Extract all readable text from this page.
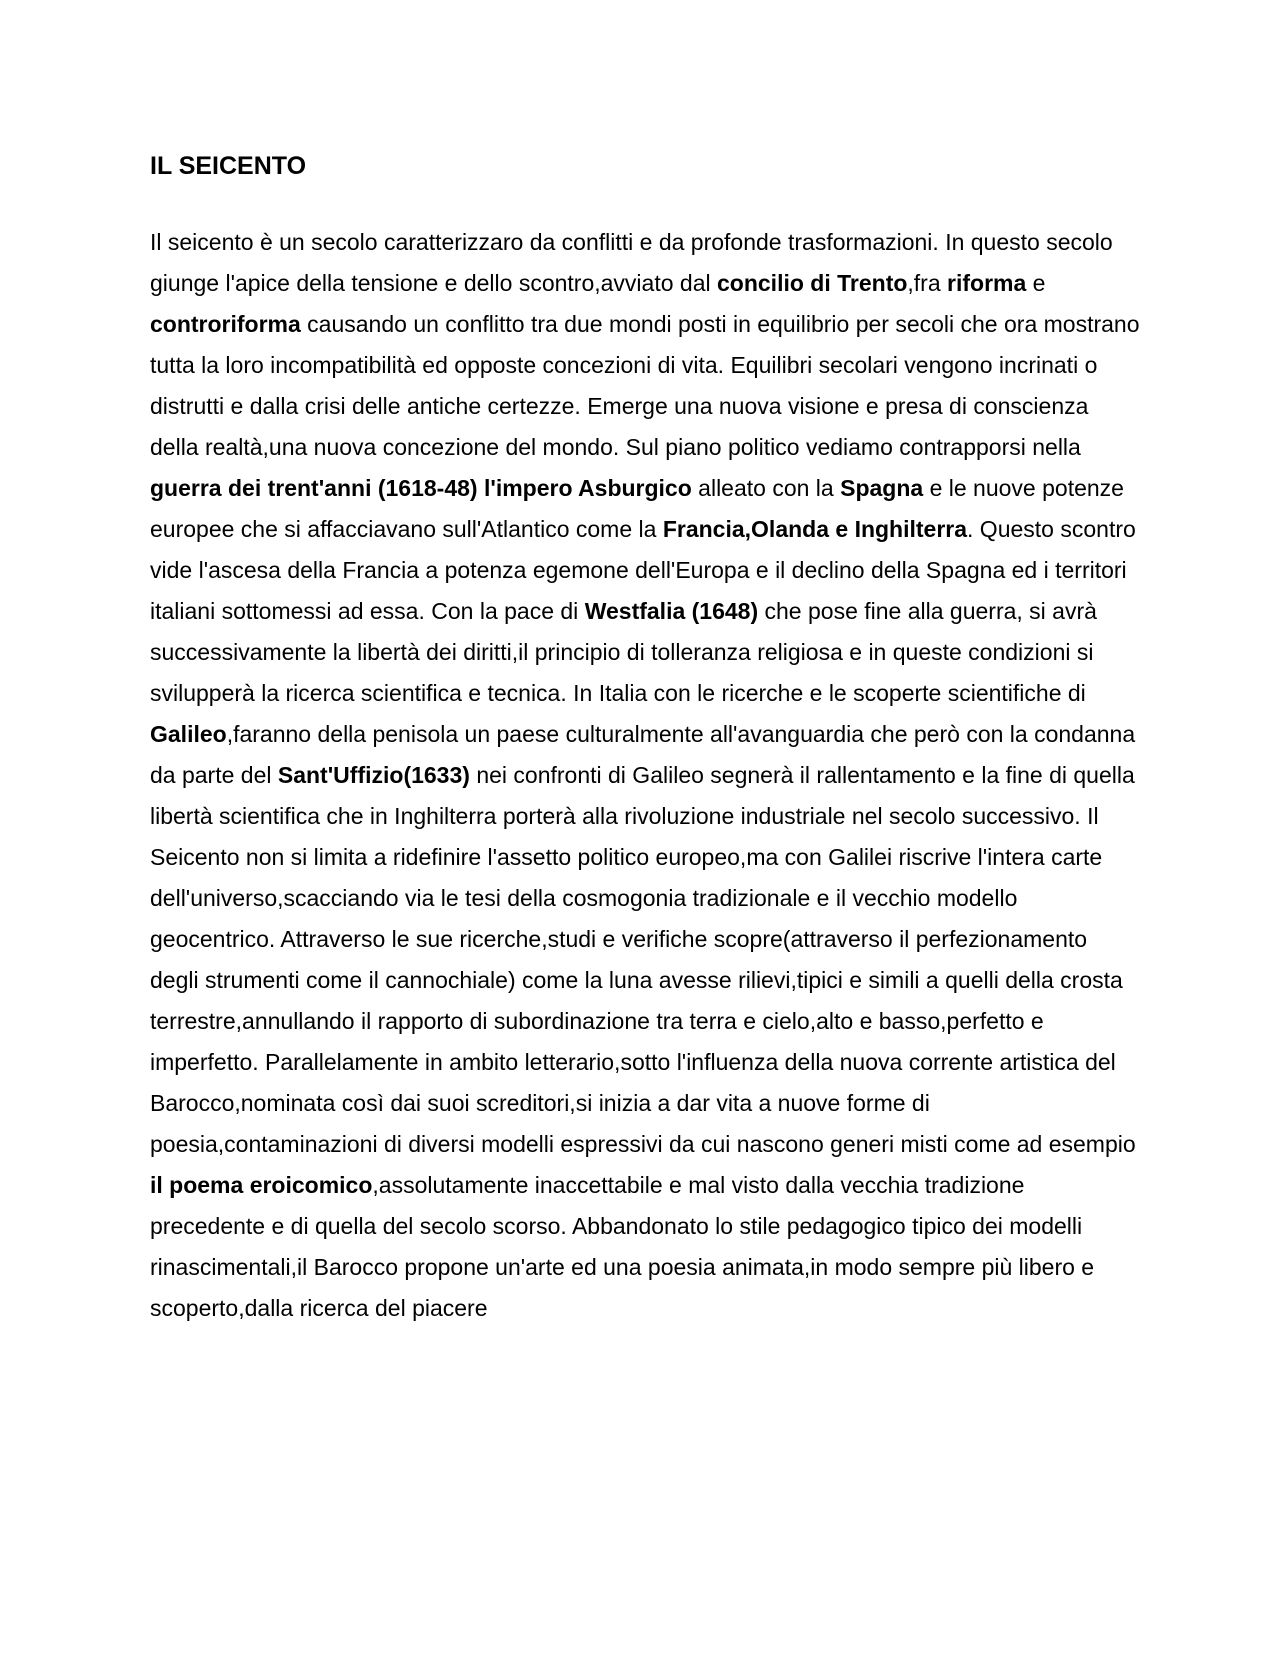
IL SEICENTO

Il seicento è un secolo caratterizzaro da conflitti e da profonde trasformazioni. In questo secolo giunge l'apice della tensione e dello scontro,avviato dal concilio di Trento,fra riforma e controriforma causando un conflitto tra due mondi posti in equilibrio per secoli che ora mostrano tutta la loro incompatibilità ed opposte concezioni di vita. Equilibri secolari vengono incrinati o distrutti e dalla crisi delle antiche certezze. Emerge una nuova visione e presa di conscienza della realtà,una nuova concezione del mondo. Sul piano politico vediamo contrapporsi nella guerra dei trent'anni (1618-48) l'impero Asburgico alleato con la Spagna e le nuove potenze europee che si affacciavano sull'Atlantico come la Francia,Olanda e Inghilterra. Questo scontro vide l'ascesa della Francia a potenza egemone dell'Europa e il declino della Spagna ed i territori italiani sottomessi ad essa. Con la pace di Westfalia (1648) che pose fine alla guerra, si avrà successivamente la libertà dei diritti,il principio di tolleranza religiosa e in queste condizioni si svilupperà la ricerca scientifica e tecnica. In Italia con le ricerche e le scoperte scientifiche di Galileo,faranno della penisola un paese culturalmente all'avanguardia che però con la condanna da parte del Sant'Uffizio(1633) nei confronti di Galileo segnerà il rallentamento e la fine di quella libertà scientifica che in Inghilterra porterà alla rivoluzione industriale nel secolo successivo. Il Seicento non si limita a ridefinire l'assetto politico europeo,ma con Galilei riscrive l'intera carte dell'universo,scacciando via le tesi della cosmogonia tradizionale e il vecchio modello geocentrico. Attraverso le sue ricerche,studi e verifiche scopre(attraverso il perfezionamento degli strumenti come il cannochiale) come la luna avesse rilievi,tipici e simili a quelli della crosta terrestre,annullando il rapporto di subordinazione tra terra e cielo,alto e basso,perfetto e imperfetto. Parallelamente in ambito letterario,sotto l'influenza della nuova corrente artistica del Barocco,nominata così dai suoi screditori,si inizia a dar vita a nuove forme di poesia,contaminazioni di diversi modelli espressivi da cui nascono generi misti come ad esempio il poema eroicomico,assolutamente inaccettabile e mal visto dalla vecchia tradizione precedente e di quella del secolo scorso. Abbandonato lo stile pedagogico tipico dei modelli rinascimentali,il Barocco propone un'arte ed una poesia animata,in modo sempre più libero e scoperto,dalla ricerca del piacere
